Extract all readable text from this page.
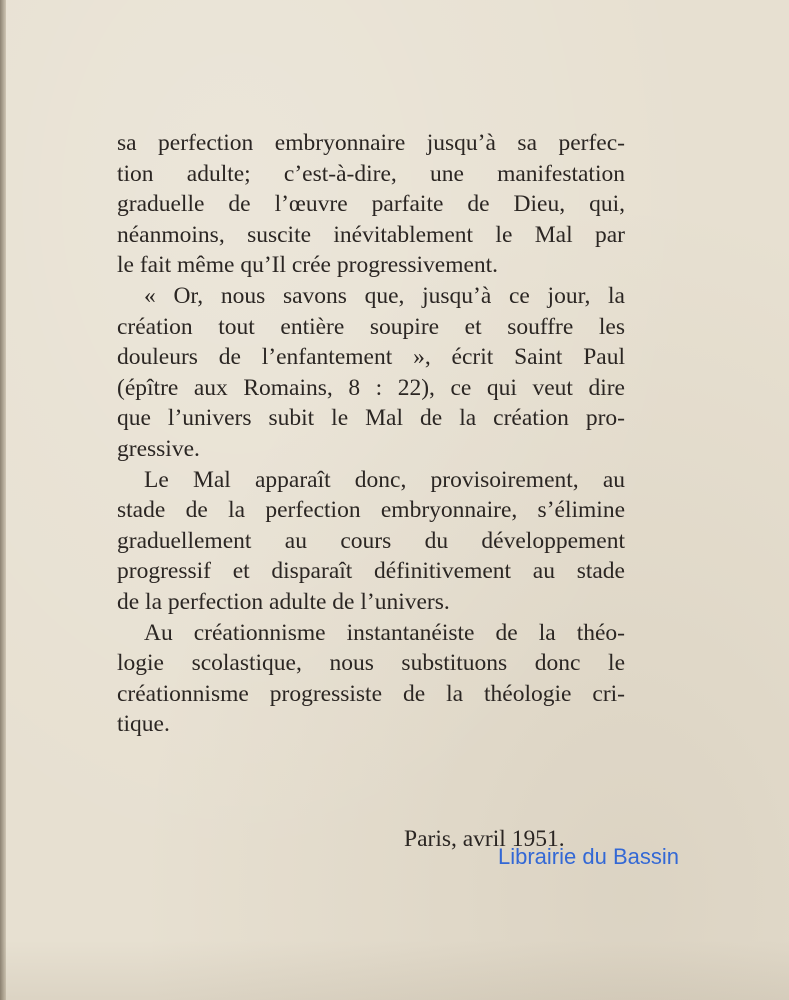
sa perfection embryonnaire jusqu’à sa perfec-
tion adulte; c’est-à-dire, une manifestation
graduelle de l’œuvre parfaite de Dieu, qui,
néanmoins, suscite inévitablement le Mal par
le fait même qu’Il crée progressivement.
« Or, nous savons que, jusqu’à ce jour, la
création tout entière soupire et souffre les
douleurs de l’enfantement », écrit Saint Paul
(épître aux Romains, 8 : 22), ce qui veut dire
que l’univers subit le Mal de la création pro-
gressive.
Le Mal apparaît donc, provisoirement, au
stade de la perfection embryonnaire, s’élimine
graduellement au cours du développement
progressif et disparaît définitivement au stade
de la perfection adulte de l’univers.
Au créationnisme instantanéiste de la théo-
logie scolastique, nous substituons donc le
créationnisme progressiste de la théologie cri-
tique.
Paris, avril 1951.
Librairie du Bassin
